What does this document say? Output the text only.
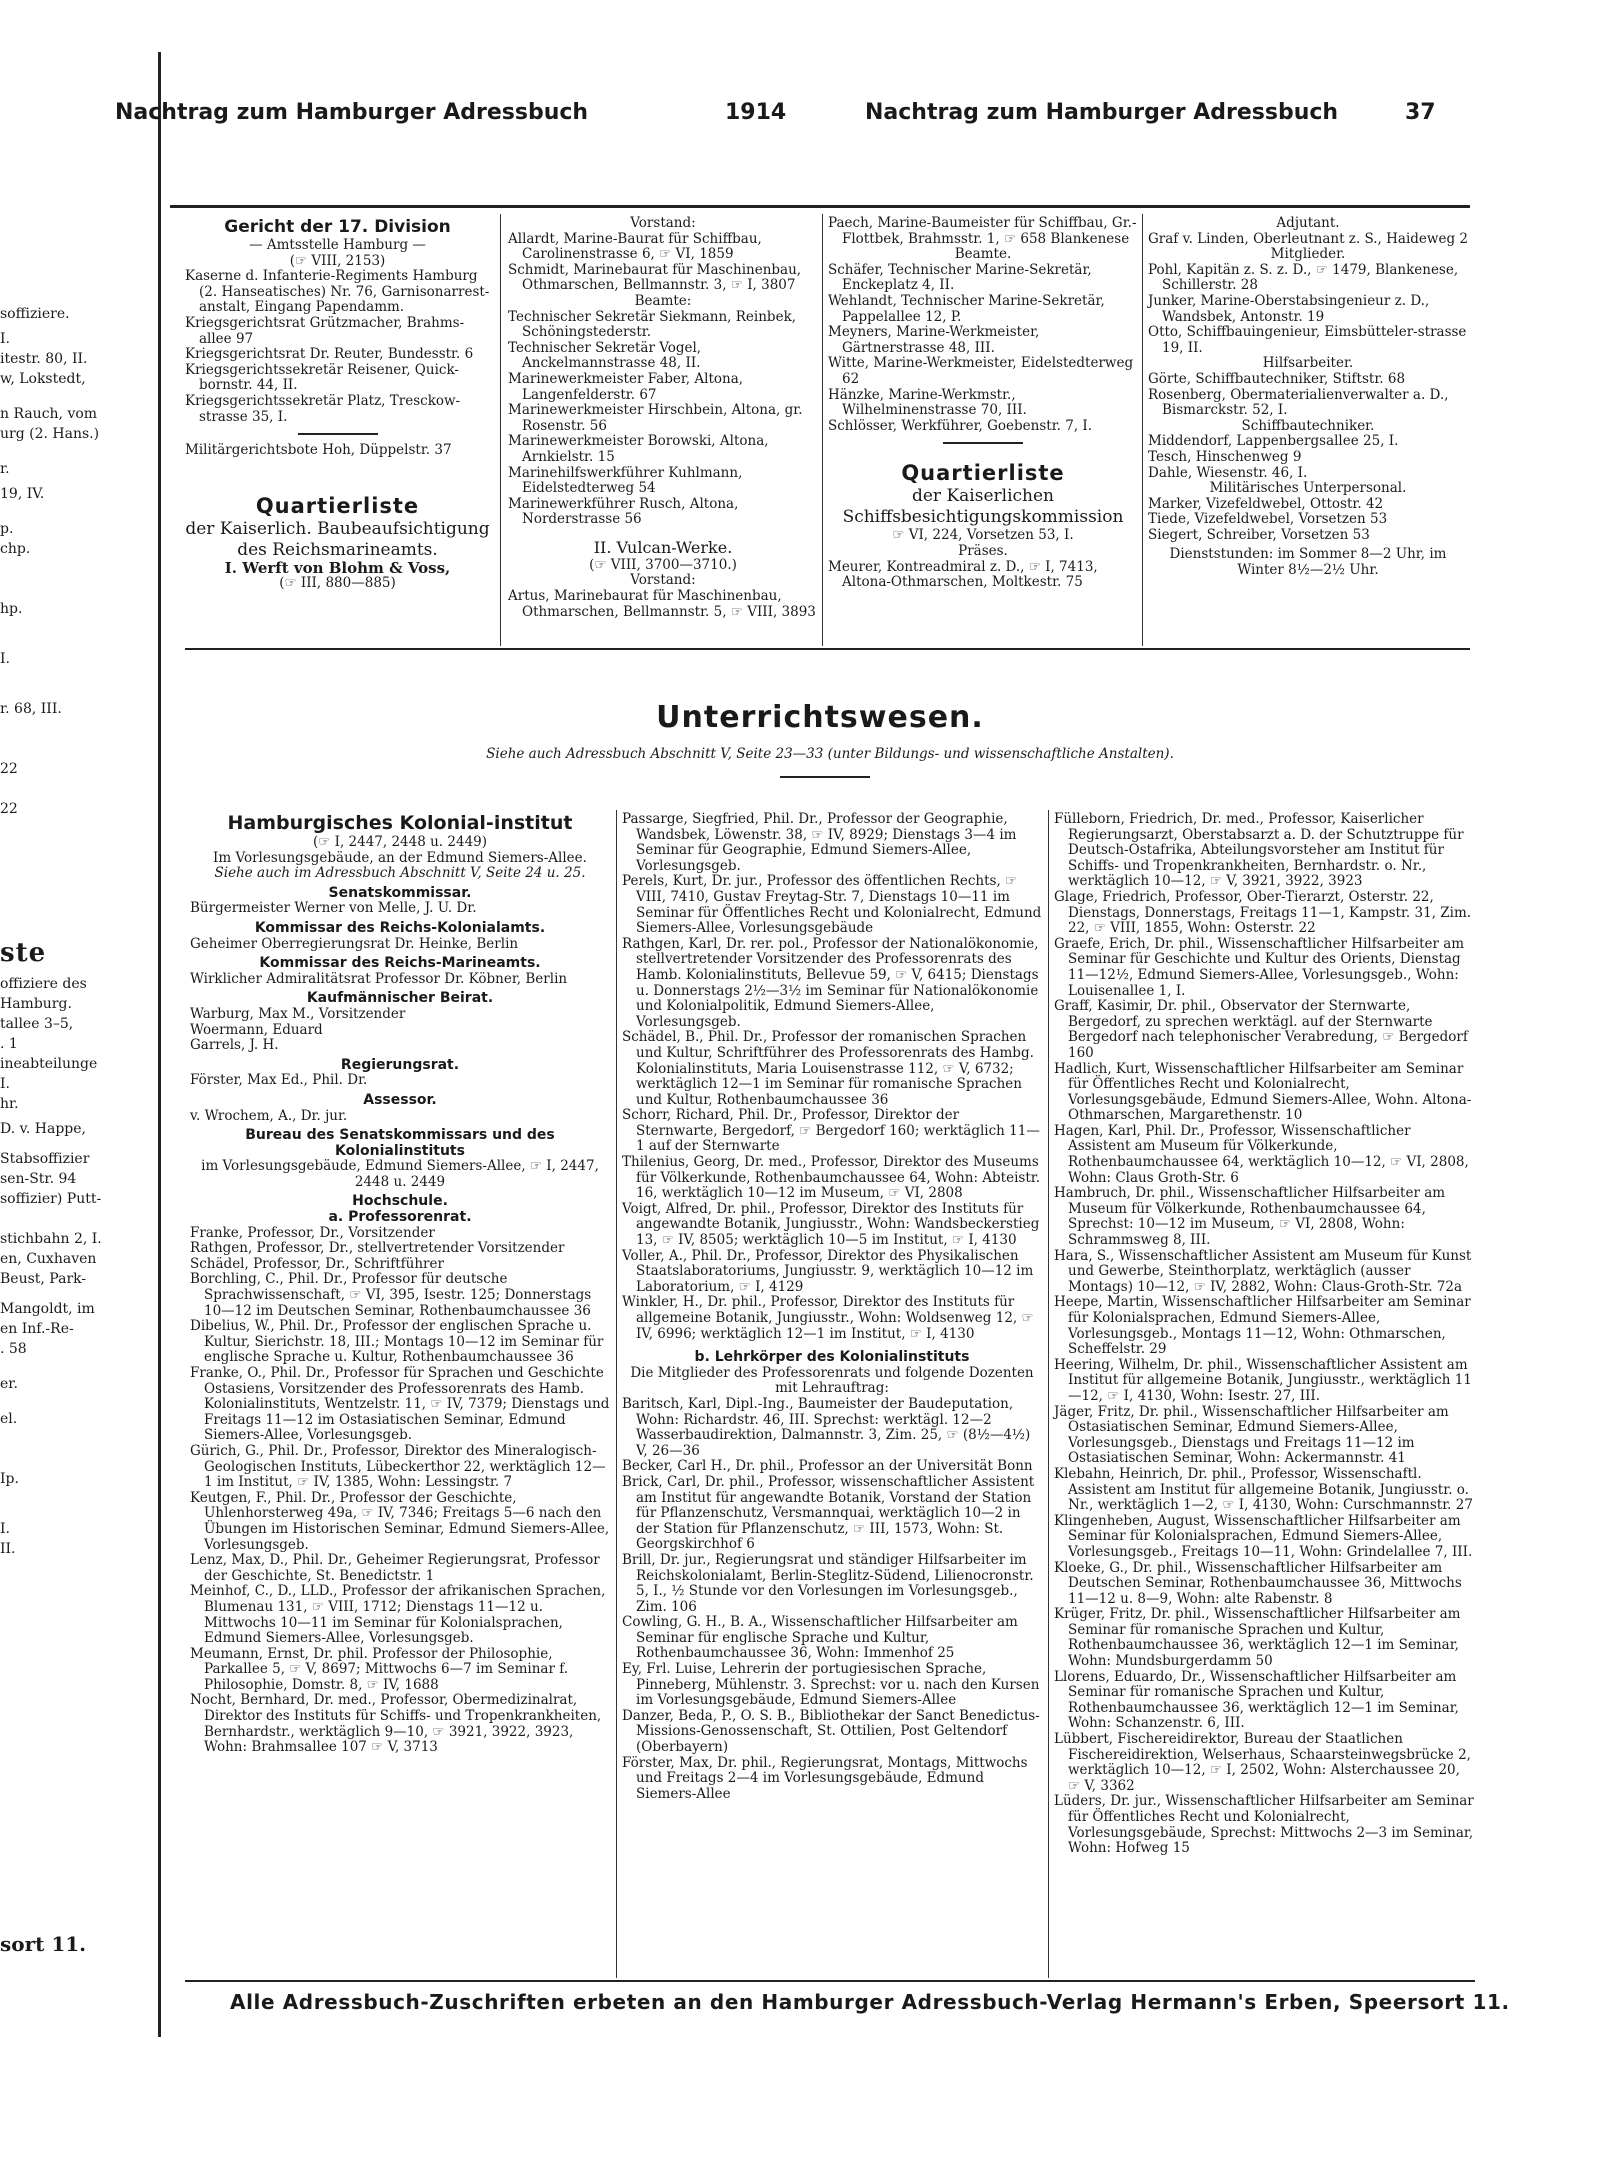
soffiziere.
I.
itestr. 80, II.
w, Lokstedt,
n Rauch, vom
urg (2. Hans.)
r.
19, IV.
p.
chp.
hp.
I.
r. 68, III.
22
22
ste
offiziere des
Hamburg.
tallee 3–5,
. 1
ineabteilunge
I.
hr.
D. v. Happe,
Stabsoffizier
sen-Str. 94
soffizier) Putt-
stichbahn 2, I.
en, Cuxhaven
Beust, Park-
Mangoldt, im
en Inf.-Re-
. 58
er.
el.
Ip.
I.
II.
sort 11.
Nachtrag zum Hamburger Adressbuch	1914	Nachtrag zum Hamburger Adressbuch	37

Gericht der 17. Division

— Amtsstelle Hamburg —

(☞ VIII, 2153)

Kaserne d. Infanterie-Regiments Hamburg (2. Hanseatisches) Nr. 76, Garnisonarrest-anstalt, Eingang Papendamm.

Kriegsgerichtsrat Grützmacher, Brahms-allee 97

Kriegsgerichtsrat Dr. Reuter, Bundesstr. 6

Kriegsgerichtssekretär Reisener, Quick-bornstr. 44, II.

Kriegsgerichtssekretär Platz, Tresckow-strasse 35, I.

Militärgerichtsbote Hoh, Düppelstr. 37

Quartierliste

der Kaiserlich. Baubeaufsichtigung des Reichsmarineamts.

I. Werft von Blohm & Voss,

(☞ III, 880—885)

Vorstand:

Allardt, Marine-Baurat für Schiffbau, Carolinenstrasse 6, ☞ VI, 1859

Schmidt, Marinebaurat für Maschinenbau, Othmarschen, Bellmannstr. 3, ☞ I, 3807

Beamte:

Technischer Sekretär Siekmann, Reinbek, Schöningstederstr.

Technischer Sekretär Vogel, Anckelmannstrasse 48, II.

Marinewerkmeister Faber, Altona, Langenfelderstr. 67

Marinewerkmeister Hirschbein, Altona, gr. Rosenstr. 56

Marinewerkmeister Borowski, Altona, Arnkielstr. 15

Marinehilfswerkführer Kuhlmann, Eidelstedterweg 54

Marinewerkführer Rusch, Altona, Norderstrasse 56

II. Vulcan-Werke.

(☞ VIII, 3700—3710.)

Vorstand:

Artus, Marinebaurat für Maschinenbau, Othmarschen, Bellmannstr. 5, ☞ VIII, 3893

Paech, Marine-Baumeister für Schiffbau, Gr.-Flottbek, Brahmsstr. 1, ☞ 658 Blankenese

Beamte.

Schäfer, Technischer Marine-Sekretär, Enckeplatz 4, II.

Wehlandt, Technischer Marine-Sekretär, Pappelallee 12, P.

Meyners, Marine-Werkmeister, Gärtnerstrasse 48, III.

Witte, Marine-Werkmeister, Eidelstedterweg 62

Hänzke, Marine-Werkmstr., Wilhelminenstrasse 70, III.

Schlösser, Werkführer, Goebenstr. 7, I.

Quartierliste

der Kaiserlichen Schiffsbesichtigungskommission

☞ VI, 224, Vorsetzen 53, I.

Präses.

Meurer, Kontreadmiral z. D., ☞ I, 7413, Altona-Othmarschen, Moltkestr. 75

Adjutant.

Graf v. Linden, Oberleutnant z. S., Haideweg 2

Mitglieder.

Pohl, Kapitän z. S. z. D., ☞ 1479, Blankenese, Schillerstr. 28

Junker, Marine-Oberstabsingenieur z. D., Wandsbek, Antonstr. 19

Otto, Schiffbauingenieur, Eimsbütteler-strasse 19, II.

Hilfsarbeiter.

Görte, Schiffbautechniker, Stiftstr. 68

Rosenberg, Obermaterialienverwalter a. D., Bismarckstr. 52, I.

Schiffbautechniker.

Middendorf, Lappenbergsallee 25, I.

Tesch, Hinschenweg 9

Dahle, Wiesenstr. 46, I.

Militärisches Unterpersonal.

Marker, Vizefeldwebel, Ottostr. 42

Tiede, Vizefeldwebel, Vorsetzen 53

Siegert, Schreiber, Vorsetzen 53

Dienststunden: im Sommer 8—2 Uhr, im Winter 8½—2½ Uhr.

Unterrichtswesen.
Siehe auch Adressbuch Abschnitt V, Seite 23—33 (unter Bildungs- und wissenschaftliche Anstalten).

Hamburgisches Kolonial-institut

(☞ I, 2447, 2448 u. 2449)

Im Vorlesungsgebäude, an der Edmund Siemers-Allee.

Siehe auch im Adressbuch Abschnitt V, Seite 24 u. 25.

Senatskommissar.

Bürgermeister Werner von Melle, J. U. Dr.

Kommissar des Reichs-Kolonialamts.

Geheimer Oberregierungsrat Dr. Heinke, Berlin

Kommissar des Reichs-Marineamts.

Wirklicher Admiralitätsrat Professor Dr. Köbner, Berlin

Kaufmännischer Beirat.

Warburg, Max M., Vorsitzender

Woermann, Eduard

Garrels, J. H.

Regierungsrat.

Förster, Max Ed., Phil. Dr.

Assessor.

v. Wrochem, A., Dr. jur.

Bureau des Senatskommissars und des Kolonialinstituts

im Vorlesungsgebäude, Edmund Siemers-Allee, ☞ I, 2447, 2448 u. 2449

Hochschule.

a. Professorenrat.

Franke, Professor, Dr., Vorsitzender

Rathgen, Professor, Dr., stellvertretender Vorsitzender

Schädel, Professor, Dr., Schriftführer

Borchling, C., Phil. Dr., Professor für deutsche Sprachwissenschaft, ☞ VI, 395, Isestr. 125; Donnerstags 10—12 im Deutschen Seminar, Rothenbaumchaussee 36

Dibelius, W., Phil. Dr., Professor der englischen Sprache u. Kultur, Sierichstr. 18, III.; Montags 10—12 im Seminar für englische Sprache u. Kultur, Rothenbaumchaussee 36

Franke, O., Phil. Dr., Professor für Sprachen und Geschichte Ostasiens, Vorsitzender des Professorenrats des Hamb. Kolonialinstituts, Wentzelstr. 11, ☞ IV, 7379; Dienstags und Freitags 11—12 im Ostasiatischen Seminar, Edmund Siemers-Allee, Vorlesungsgeb.

Gürich, G., Phil. Dr., Professor, Direktor des Mineralogisch-Geologischen Instituts, Lübeckerthor 22, werktäglich 12—1 im Institut, ☞ IV, 1385, Wohn: Lessingstr. 7

Keutgen, F., Phil. Dr., Professor der Geschichte, Uhlenhorsterweg 49a, ☞ IV, 7346; Freitags 5—6 nach den Übungen im Historischen Seminar, Edmund Siemers-Allee, Vorlesungsgeb.

Lenz, Max, D., Phil. Dr., Geheimer Regierungsrat, Professor der Geschichte, St. Benedictstr. 1

Meinhof, C., D., LLD., Professor der afrikanischen Sprachen, Blumenau 131, ☞ VIII, 1712; Dienstags 11—12 u. Mittwochs 10—11 im Seminar für Kolonialsprachen, Edmund Siemers-Allee, Vorlesungsgeb.

Meumann, Ernst, Dr. phil. Professor der Philosophie, Parkallee 5, ☞ V, 8697; Mittwochs 6—7 im Seminar f. Philosophie, Domstr. 8, ☞ IV, 1688

Nocht, Bernhard, Dr. med., Professor, Obermedizinalrat, Direktor des Instituts für Schiffs- und Tropenkrankheiten, Bernhardstr., werktäglich 9—10, ☞ 3921, 3922, 3923, Wohn: Brahmsallee 107 ☞ V, 3713

Passarge, Siegfried, Phil. Dr., Professor der Geographie, Wandsbek, Löwenstr. 38, ☞ IV, 8929; Dienstags 3—4 im Seminar für Geographie, Edmund Siemers-Allee, Vorlesungsgeb.

Perels, Kurt, Dr. jur., Professor des öffentlichen Rechts, ☞ VIII, 7410, Gustav Freytag-Str. 7, Dienstags 10—11 im Seminar für Öffentliches Recht und Kolonialrecht, Edmund Siemers-Allee, Vorlesungsgebäude

Rathgen, Karl, Dr. rer. pol., Professor der Nationalökonomie, stellvertretender Vorsitzender des Professorenrats des Hamb. Kolonialinstituts, Bellevue 59, ☞ V, 6415; Dienstags u. Donnerstags 2½—3½ im Seminar für Nationalökonomie und Kolonialpolitik, Edmund Siemers-Allee, Vorlesungsgeb.

Schädel, B., Phil. Dr., Professor der romanischen Sprachen und Kultur, Schriftführer des Professorenrats des Hambg. Kolonialinstituts, Maria Louisenstrasse 112, ☞ V, 6732; werktäglich 12—1 im Seminar für romanische Sprachen und Kultur, Rothenbaumchaussee 36

Schorr, Richard, Phil. Dr., Professor, Direktor der Sternwarte, Bergedorf, ☞ Bergedorf 160; werktäglich 11—1 auf der Sternwarte

Thilenius, Georg, Dr. med., Professor, Direktor des Museums für Völkerkunde, Rothenbaumchaussee 64, Wohn: Abteistr. 16, werktäglich 10—12 im Museum, ☞ VI, 2808

Voigt, Alfred, Dr. phil., Professor, Direktor des Instituts für angewandte Botanik, Jungiusstr., Wohn: Wandsbeckerstieg 13, ☞ IV, 8505; werktäglich 10—5 im Institut, ☞ I, 4130

Voller, A., Phil. Dr., Professor, Direktor des Physikalischen Staatslaboratoriums, Jungiusstr. 9, werktäglich 10—12 im Laboratorium, ☞ I, 4129

Winkler, H., Dr. phil., Professor, Direktor des Instituts für allgemeine Botanik, Jungiusstr., Wohn: Woldsenweg 12, ☞ IV, 6996; werktäglich 12—1 im Institut, ☞ I, 4130

b. Lehrkörper des Kolonialinstituts

Die Mitglieder des Professorenrats und folgende Dozenten mit Lehrauftrag:

Baritsch, Karl, Dipl.-Ing., Baumeister der Baudeputation, Wohn: Richardstr. 46, III. Sprechst: werktägl. 12—2 Wasserbaudirektion, Dalmannstr. 3, Zim. 25, ☞ (8½—4½) V, 26—36

Becker, Carl H., Dr. phil., Professor an der Universität Bonn

Brick, Carl, Dr. phil., Professor, wissenschaftlicher Assistent am Institut für angewandte Botanik, Vorstand der Station für Pflanzenschutz, Versmannquai, werktäglich 10—2 in der Station für Pflanzenschutz, ☞ III, 1573, Wohn: St. Georgskirchhof 6

Brill, Dr. jur., Regierungsrat und ständiger Hilfsarbeiter im Reichskolonialamt, Berlin-Steglitz-Südend, Lilienocronstr. 5, I., ½ Stunde vor den Vorlesungen im Vorlesungsgeb., Zim. 106

Cowling, G. H., B. A., Wissenschaftlicher Hilfsarbeiter am Seminar für englische Sprache und Kultur, Rothenbaumchaussee 36, Wohn: Immenhof 25

Ey, Frl. Luise, Lehrerin der portugiesischen Sprache, Pinneberg, Mühlenstr. 3. Sprechst: vor u. nach den Kursen im Vorlesungsgebäude, Edmund Siemers-Allee

Danzer, Beda, P., O. S. B., Bibliothekar der Sanct Benedictus-Missions-Genossenschaft, St. Ottilien, Post Geltendorf (Oberbayern)

Förster, Max, Dr. phil., Regierungsrat, Montags, Mittwochs und Freitags 2—4 im Vorlesungsgebäude, Edmund Siemers-Allee

Fülleborn, Friedrich, Dr. med., Professor, Kaiserlicher Regierungsarzt, Oberstabsarzt a. D. der Schutztruppe für Deutsch-Ostafrika, Abteilungsvorsteher am Institut für Schiffs- und Tropenkrankheiten, Bernhardstr. o. Nr., werktäglich 10—12, ☞ V, 3921, 3922, 3923

Glage, Friedrich, Professor, Ober-Tierarzt, Osterstr. 22, Dienstags, Donnerstags, Freitags 11—1, Kampstr. 31, Zim. 22, ☞ VIII, 1855, Wohn: Osterstr. 22

Graefe, Erich, Dr. phil., Wissenschaftlicher Hilfsarbeiter am Seminar für Geschichte und Kultur des Orients, Dienstag 11—12½, Edmund Siemers-Allee, Vorlesungsgeb., Wohn: Louisenallee 1, I.

Graff, Kasimir, Dr. phil., Observator der Sternwarte, Bergedorf, zu sprechen werktägl. auf der Sternwarte Bergedorf nach telephonischer Verabredung, ☞ Bergedorf 160

Hadlich, Kurt, Wissenschaftlicher Hilfsarbeiter am Seminar für Öffentliches Recht und Kolonialrecht, Vorlesungsgebäude, Edmund Siemers-Allee, Wohn. Altona-Othmarschen, Margarethenstr. 10

Hagen, Karl, Phil. Dr., Professor, Wissenschaftlicher Assistent am Museum für Völkerkunde, Rothenbaumchaussee 64, werktäglich 10—12, ☞ VI, 2808, Wohn: Claus Groth-Str. 6

Hambruch, Dr. phil., Wissenschaftlicher Hilfsarbeiter am Museum für Völkerkunde, Rothenbaumchaussee 64, Sprechst: 10—12 im Museum, ☞ VI, 2808, Wohn: Schrammsweg 8, III.

Hara, S., Wissenschaftlicher Assistent am Museum für Kunst und Gewerbe, Steinthorplatz, werktäglich (ausser Montags) 10—12, ☞ IV, 2882, Wohn: Claus-Groth-Str. 72a

Heepe, Martin, Wissenschaftlicher Hilfsarbeiter am Seminar für Kolonialsprachen, Edmund Siemers-Allee, Vorlesungsgeb., Montags 11—12, Wohn: Othmarschen, Scheffelstr. 29

Heering, Wilhelm, Dr. phil., Wissenschaftlicher Assistent am Institut für allgemeine Botanik, Jungiusstr., werktäglich 11—12, ☞ I, 4130, Wohn: Isestr. 27, III.

Jäger, Fritz, Dr. phil., Wissenschaftlicher Hilfsarbeiter am Ostasiatischen Seminar, Edmund Siemers-Allee, Vorlesungsgeb., Dienstags und Freitags 11—12 im Ostasiatischen Seminar, Wohn: Ackermannstr. 41

Klebahn, Heinrich, Dr. phil., Professor, Wissenschaftl. Assistent am Institut für allgemeine Botanik, Jungiusstr. o. Nr., werktäglich 1—2, ☞ I, 4130, Wohn: Curschmannstr. 27

Klingenheben, August, Wissenschaftlicher Hilfsarbeiter am Seminar für Kolonialsprachen, Edmund Siemers-Allee, Vorlesungsgeb., Freitags 10—11, Wohn: Grindelallee 7, III.

Kloeke, G., Dr. phil., Wissenschaftlicher Hilfsarbeiter am Deutschen Seminar, Rothenbaumchaussee 36, Mittwochs 11—12 u. 8—9, Wohn: alte Rabenstr. 8

Krüger, Fritz, Dr. phil., Wissenschaftlicher Hilfsarbeiter am Seminar für romanische Sprachen und Kultur, Rothenbaumchaussee 36, werktäglich 12—1 im Seminar, Wohn: Mundsburgerdamm 50

Llorens, Eduardo, Dr., Wissenschaftlicher Hilfsarbeiter am Seminar für romanische Sprachen und Kultur, Rothenbaumchaussee 36, werktäglich 12—1 im Seminar, Wohn: Schanzenstr. 6, III.

Lübbert, Fischereidirektor, Bureau der Staatlichen Fischereidirektion, Welserhaus, Schaarsteinwegsbrücke 2, werktäglich 10—12, ☞ I, 2502, Wohn: Alsterchaussee 20, ☞ V, 3362

Lüders, Dr. jur., Wissenschaftlicher Hilfsarbeiter am Seminar für Öffentliches Recht und Kolonialrecht, Vorlesungsgebäude, Sprechst: Mittwochs 2—3 im Seminar, Wohn: Hofweg 15

Alle Adressbuch-Zuschriften erbeten an den Hamburger Adressbuch-Verlag Hermann's Erben, Speersort 11.
